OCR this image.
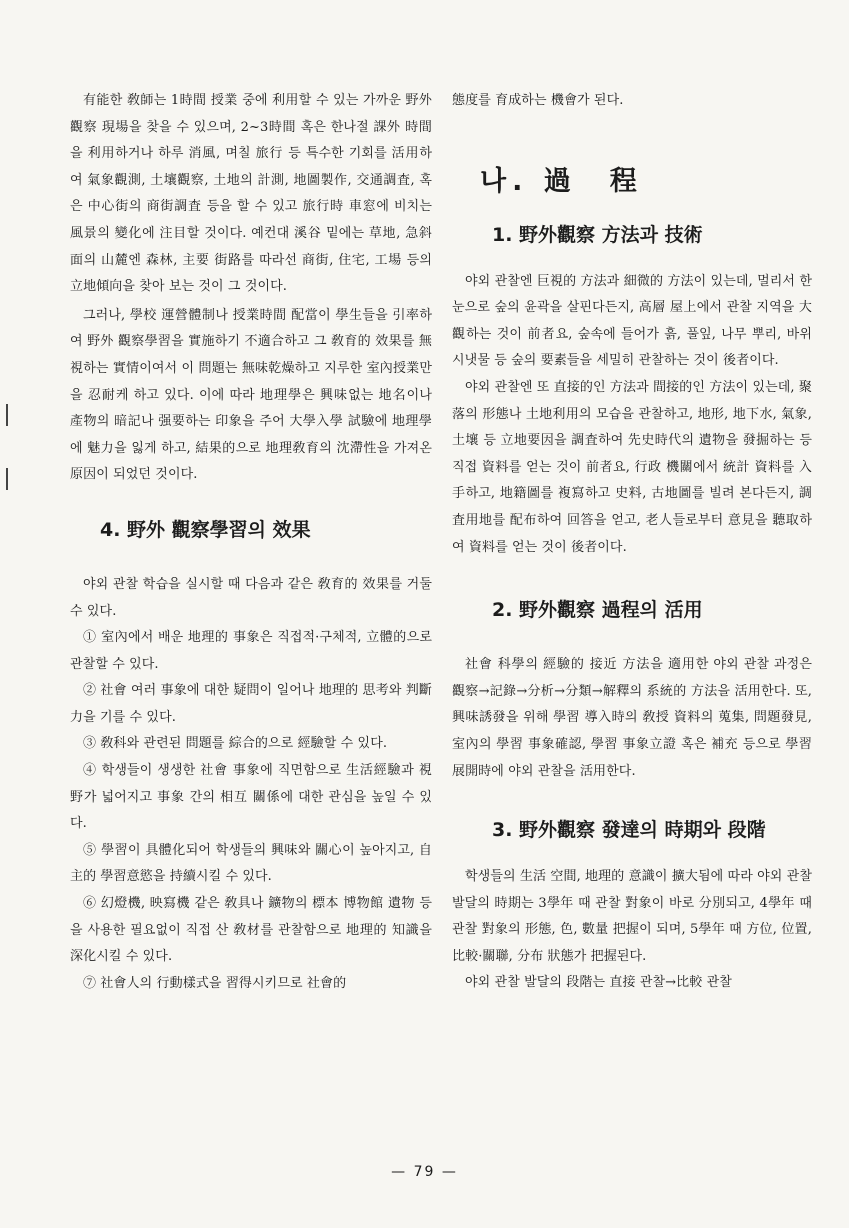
有能한 敎師는 1時間 授業 중에 利用할 수 있는 가까운 野外觀察 現場을 찾을 수 있으며, 2~3時間 혹은 한나절 課外 時間을 利用하거나 하루 消風, 며칠 旅行 등 특수한 기회를 活用하여 氣象觀測, 土壤觀察, 土地의 計測, 地圖製作, 交通調査, 혹은 中心街의 商街調査 등을 할 수 있고 旅行時 車窓에 비치는 風景의 變化에 注目할 것이다. 예컨대 溪谷 밑에는 草地, 急斜面의 山麓엔 森林, 主要 街路를 따라선 商街, 住宅, 工場 등의 立地傾向을 찾아 보는 것이 그 것이다.

그러나, 學校 運營體制나 授業時間 配當이 學生들을 引率하여 野外 觀察學習을 實施하기 不適合하고 그 敎育的 效果를 無視하는 實情이여서 이 問題는 無味乾燥하고 지루한 室內授業만을 忍耐케 하고 있다. 이에 따라 地理學은 興味없는 地名이나 產物의 暗記나 强要하는 印象을 주어 大學入學 試驗에 地理學에 魅力을 잃게 하고, 結果的으로 地理敎育의 沈滯性을 가져온 原因이 되었던 것이다.

4. 野外 觀察學習의 效果

야외 관찰 학습을 실시할 때 다음과 같은 敎育的 效果를 거둘 수 있다.

① 室內에서 배운 地理的 事象은 직접적·구체적, 立體的으로 관찰할 수 있다.

② 社會 여러 事象에 대한 疑問이 일어나 地理的 思考와 判斷力을 기를 수 있다.

③ 敎科와 관련된 問題를 綜合的으로 經驗할 수 있다.

④ 학생들이 생생한 社會 事象에 직면함으로 生活經驗과 視野가 넓어지고 事象 간의 相互 關係에 대한 관심을 높일 수 있다.

⑤ 學習이 具體化되어 학생들의 興味와 關心이 높아지고, 自主的 學習意慾을 持續시킬 수 있다.

⑥ 幻燈機, 映寫機 같은 敎具나 鑛物의 標本 博物館 遺物 등을 사용한 필요없이 직접 산 敎材를 관찰함으로 地理的 知識을 深化시킬 수 있다.

⑦ 社會人의 行動樣式을 習得시키므로 社會的

態度를 育成하는 機會가 된다.

나. 過　程
1. 野外觀察 方法과 技術

야외 관찰엔 巨視的 方法과 細微的 方法이 있는데, 멀리서 한 눈으로 숲의 윤곽을 살핀다든지, 高層 屋上에서 관찰 지역을 大觀하는 것이 前者요, 숲속에 들어가 흙, 풀잎, 나무 뿌리, 바위 시냇물 등 숲의 要素들을 세밀히 관찰하는 것이 後者이다.

야외 관찰엔 또 直接的인 方法과 間接的인 方法이 있는데, 聚落의 形態나 土地利用의 모습을 관찰하고, 地形, 地下水, 氣象, 土壤 등 立地要因을 調査하여 先史時代의 遺物을 發掘하는 등 직접 資料를 얻는 것이 前者요, 行政 機關에서 統計 資料를 入手하고, 地籍圖를 複寫하고 史料, 古地圖를 빌려 본다든지, 調査用地를 配布하여 回答을 얻고, 老人들로부터 意見을 聽取하여 資料를 얻는 것이 後者이다.

2. 野外觀察 過程의 活用

社會 科學의 經驗的 接近 方法을 適用한 야외 관찰 과정은 觀察→記錄→分析→分類→解釋의 系統的 方法을 活用한다. 또, 興味誘發을 위해 學習 導入時의 敎授 資料의 蒐集, 問題發見, 室內의 學習 事象確認, 學習 事象立證 혹은 補充 등으로 學習 展開時에 야외 관찰을 活用한다.

3. 野外觀察 發達의 時期와 段階

학생들의 生活 空間, 地理的 意識이 擴大됨에 따라 야외 관찰 발달의 時期는 3學年 때 관찰 對象이 바로 分別되고, 4學年 때 관찰 對象의 形態, 色, 數量 把握이 되며, 5學年 때 方位, 位置, 比較·關聯, 分布 狀態가 把握된다.

야외 관찰 발달의 段階는 直接 관찰→比較 관찰

— 79 —
